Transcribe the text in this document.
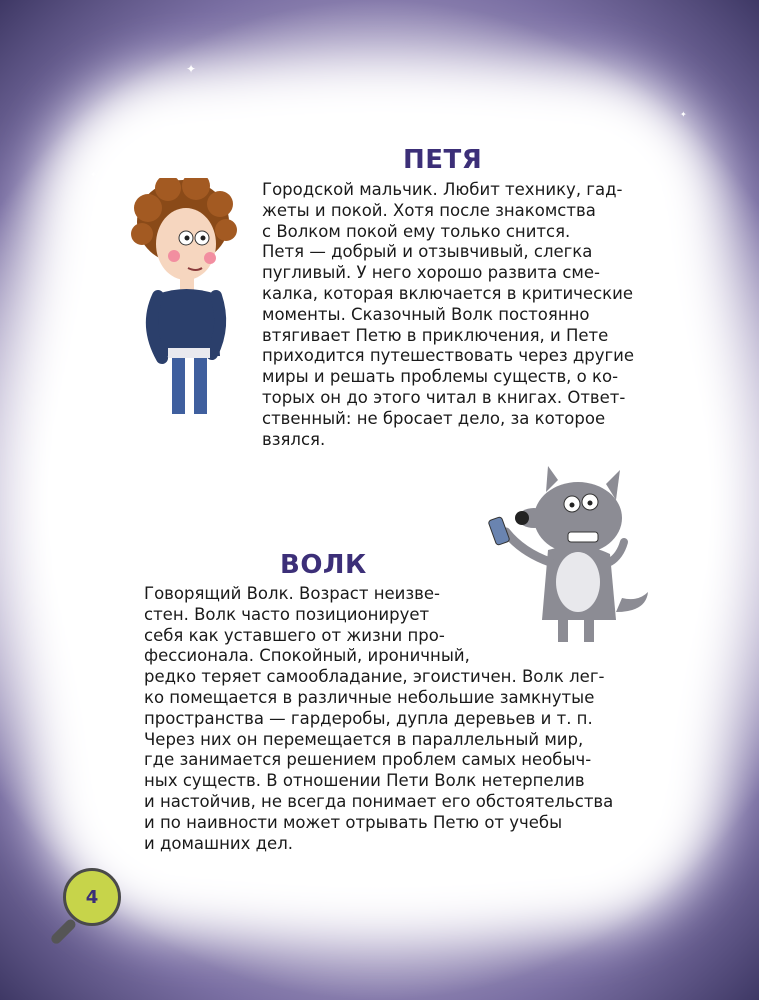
✦
✦
✦
ПЕТЯ
Городской мальчик. Любит технику, гад-
жеты и покой. Хотя после знакомства
с Волком покой ему только снится.
Петя — добрый и отзывчивый, слегка
пугливый. У него хорошо развита сме-
калка, которая включается в критические
моменты. Сказочный Волк постоянно
втягивает Петю в приключения, и Пете
приходится путешествовать через другие
миры и решать проблемы существ, о ко-
торых он до этого читал в книгах. Ответ-
ственный: не бросает дело, за которое
взялся.
ВОЛК
Говорящий Волк. Возраст неизве-
стен. Волк часто позиционирует
себя как уставшего от жизни про-
фессионала. Спокойный, ироничный,
редко теряет самообладание, эгоистичен. Волк лег-
ко помещается в различные небольшие замкнутые
пространства — гардеробы, дупла деревьев и т. п.
Через них он перемещается в параллельный мир,
где занимается решением проблем самых необыч-
ных существ. В отношении Пети Волк нетерпелив
и настойчив, не всегда понимает его обстоятельства
и по наивности может отрывать Петю от учебы
и домашних дел.
4
